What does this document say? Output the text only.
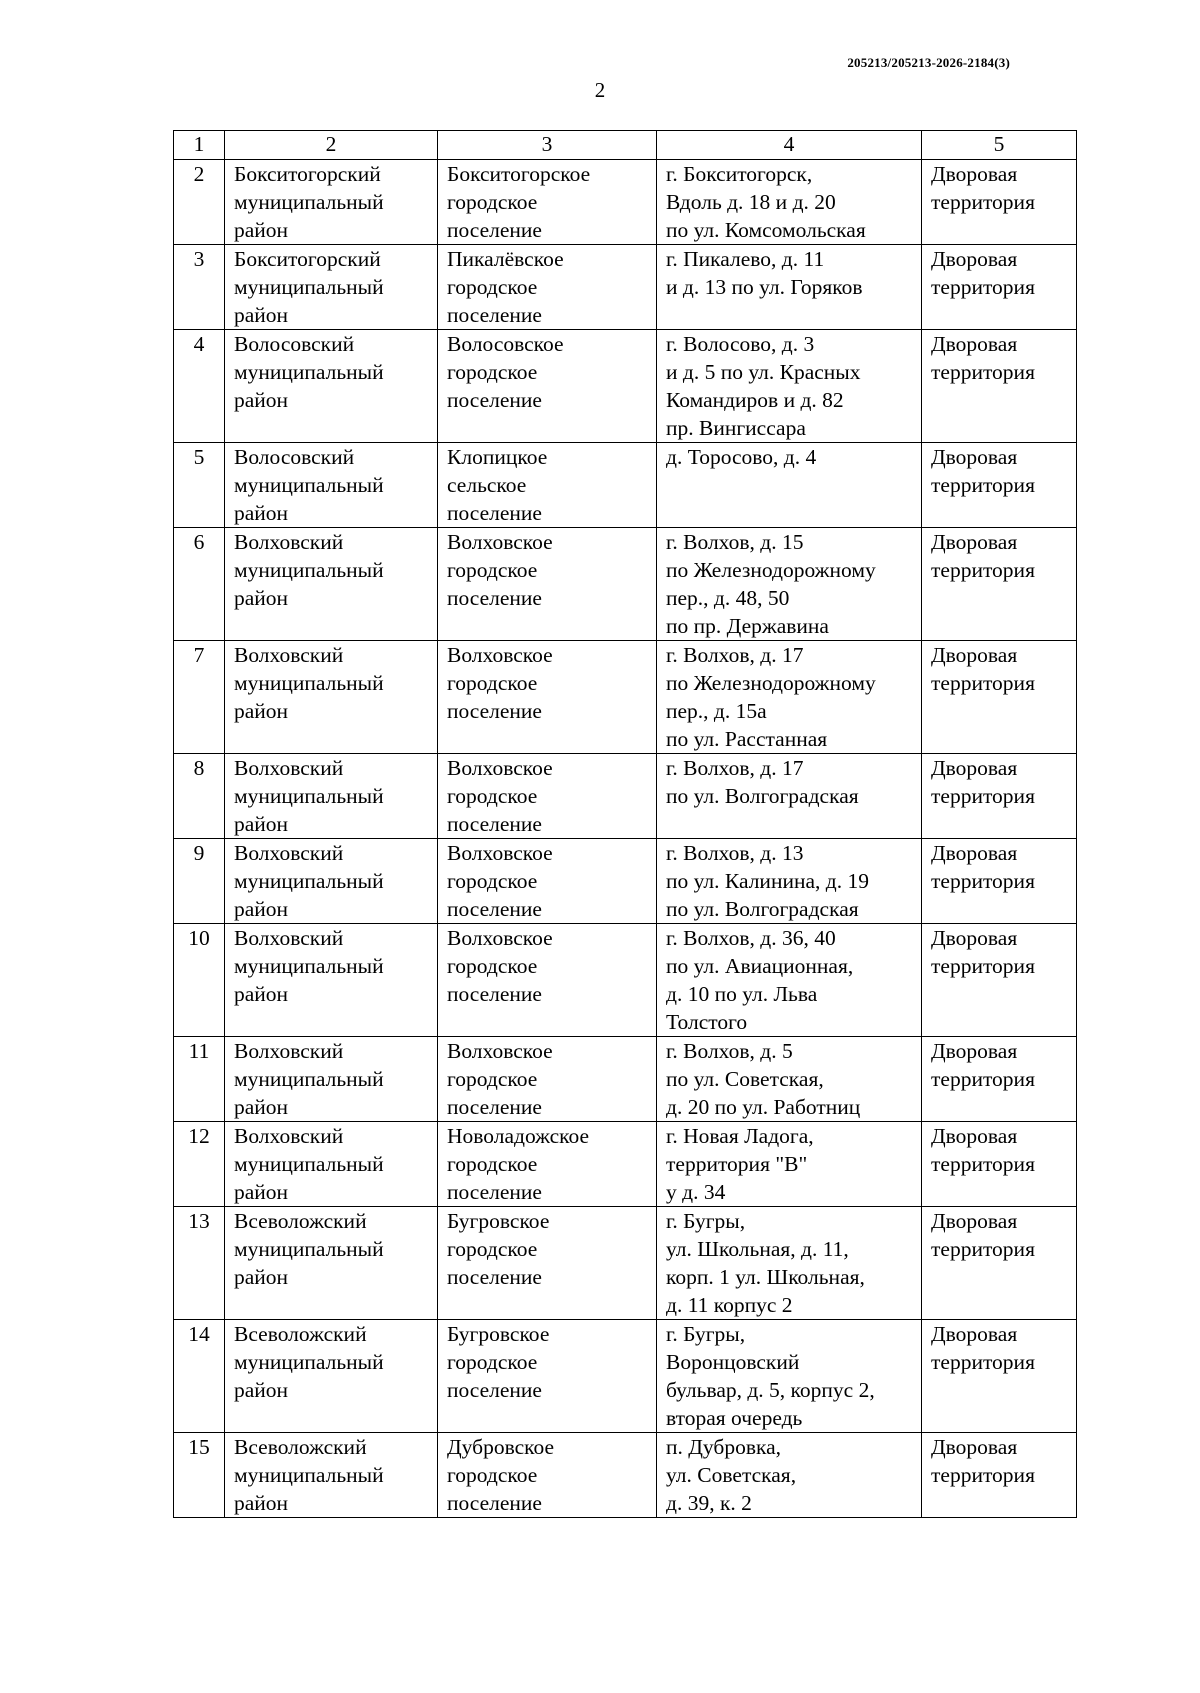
205213/205213-2026-2184(3)
2
1	2	3	4	5
2	Бокситогорский
муниципальный
район	Бокситогорское
городское
поселение	г. Бокситогорск,
Вдоль д. 18 и д. 20
по ул. Комсомольская	Дворовая
территория
3	Бокситогорский
муниципальный
район	Пикалёвское
городское
поселение	г. Пикалево, д. 11
и д. 13 по ул. Горяков	Дворовая
территория
4	Волосовский
муниципальный
район	Волосовское
городское
поселение	г. Волосово, д. 3
и д. 5 по ул. Красных
Командиров и д. 82
пр. Вингиссара	Дворовая
территория
5	Волосовский
муниципальный
район	Клопицкое
сельское
поселение	д. Торосово, д. 4	Дворовая
территория
6	Волховский
муниципальный
район	Волховское
городское
поселение	г. Волхов, д. 15
по Железнодорожному
пер., д. 48, 50
по пр. Державина	Дворовая
территория
7	Волховский
муниципальный
район	Волховское
городское
поселение	г. Волхов, д. 17
по Железнодорожному
пер., д. 15а
по ул. Расстанная	Дворовая
территория
8	Волховский
муниципальный
район	Волховское
городское
поселение	г. Волхов, д. 17
по ул. Волгоградская	Дворовая
территория
9	Волховский
муниципальный
район	Волховское
городское
поселение	г. Волхов, д. 13
по ул. Калинина, д. 19
по ул. Волгоградская	Дворовая
территория
10	Волховский
муниципальный
район	Волховское
городское
поселение	г. Волхов, д. 36, 40
по ул. Авиационная,
д. 10 по ул. Льва
Толстого	Дворовая
территория
11	Волховский
муниципальный
район	Волховское
городское
поселение	г. Волхов, д. 5
по ул. Советская,
д. 20 по ул. Работниц	Дворовая
территория
12	Волховский
муниципальный
район	Новоладожское
городское
поселение	г. Новая Ладога,
территория "В"
у д. 34	Дворовая
территория
13	Всеволожский
муниципальный
район	Бугровское
городское
поселение	г. Бугры,
ул. Школьная, д. 11,
корп. 1 ул. Школьная,
д. 11 корпус 2	Дворовая
территория
14	Всеволожский
муниципальный
район	Бугровское
городское
поселение	г. Бугры,
Воронцовский
бульвар, д. 5, корпус 2,
вторая очередь	Дворовая
территория
15	Всеволожский
муниципальный
район	Дубровское
городское
поселение	п. Дубровка,
ул. Советская,
д. 39, к. 2	Дворовая
территория
